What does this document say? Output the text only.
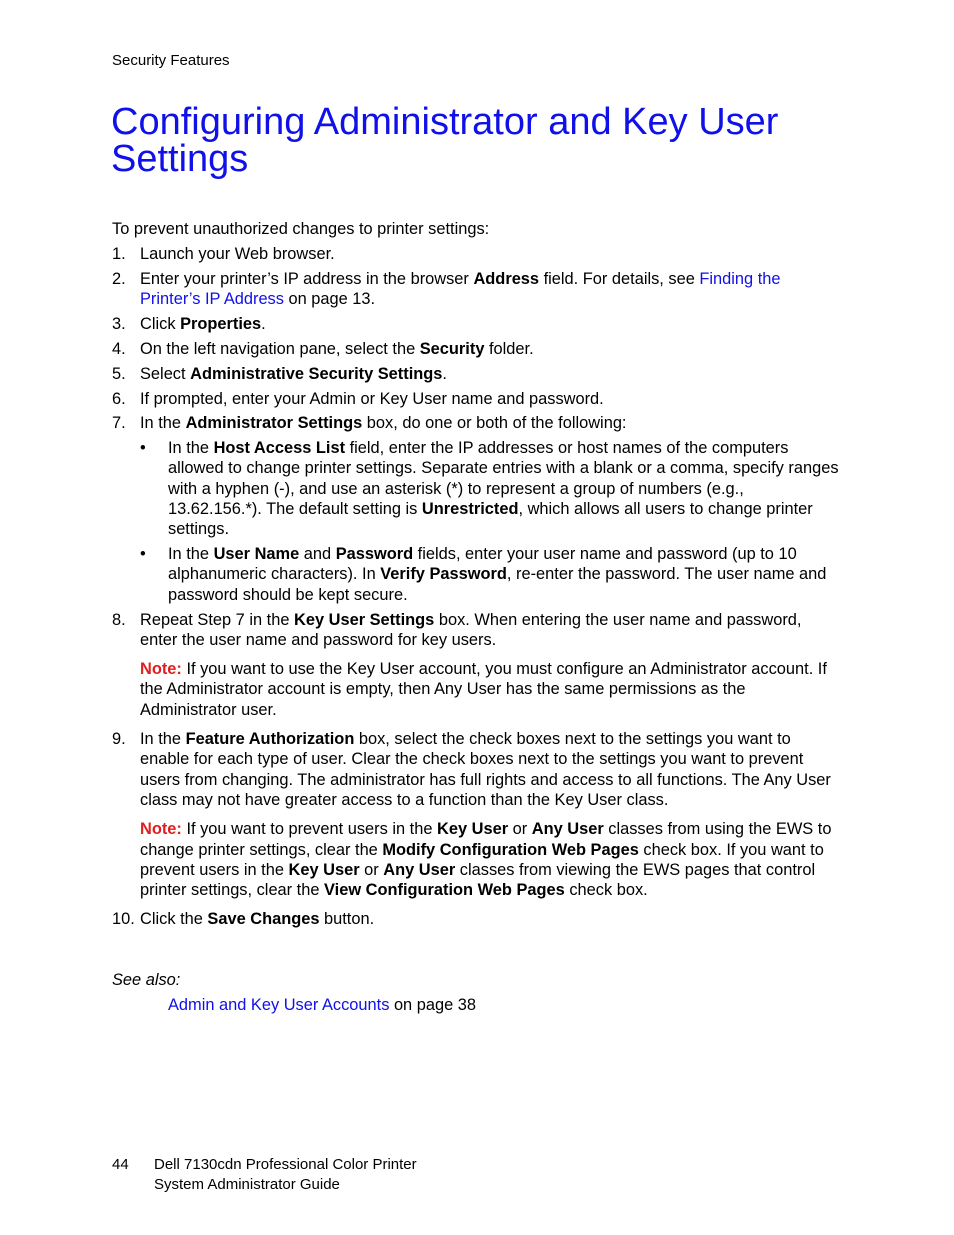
Security Features
Configuring Administrator and Key User Settings

To prevent unauthorized changes to printer settings:

1. Launch your Web browser.
2. Enter your printer’s IP address in the browser Address field. For details, see Finding the Printer’s IP Address on page 13.
3. Click Properties.
4. On the left navigation pane, select the Security folder.
5. Select Administrative Security Settings.
6. If prompted, enter your Admin or Key User name and password.
7. In the Administrator Settings box, do one or both of the following:
•	In the Host Access List field, enter the IP addresses or host names of the computers allowed to change printer settings. Separate entries with a blank or a comma, specify ranges with a hyphen (-), and use an asterisk (*) to represent a group of numbers (e.g., 13.62.156.*). The default setting is Unrestricted, which allows all users to change printer settings.
•	In the User Name and Password fields, enter your user name and password (up to 10 alphanumeric characters). In Verify Password, re-enter the password. The user name and password should be kept secure.
8. Repeat Step 7 in the Key User Settings box. When entering the user name and password, enter the user name and password for key users.

Note: If you want to use the Key User account, you must configure an Administrator account. If the Administrator account is empty, then Any User has the same permissions as the Administrator user.

9. In the Feature Authorization box, select the check boxes next to the settings you want to enable for each type of user. Clear the check boxes next to the settings you want to prevent users from changing. The administrator has full rights and access to all functions. The Any User class may not have greater access to a function than the Key User class.

Note: If you want to prevent users in the Key User or Any User classes from using the EWS to change printer settings, clear the Modify Configuration Web Pages check box. If you want to prevent users in the Key User or Any User classes from viewing the EWS pages that control printer settings, clear the View Configuration Web Pages check box.

10. Click the Save Changes button.

See also:

Admin and Key User Accounts on page 38

44	Dell 7130cdn Professional Color Printer
System Administrator Guide
